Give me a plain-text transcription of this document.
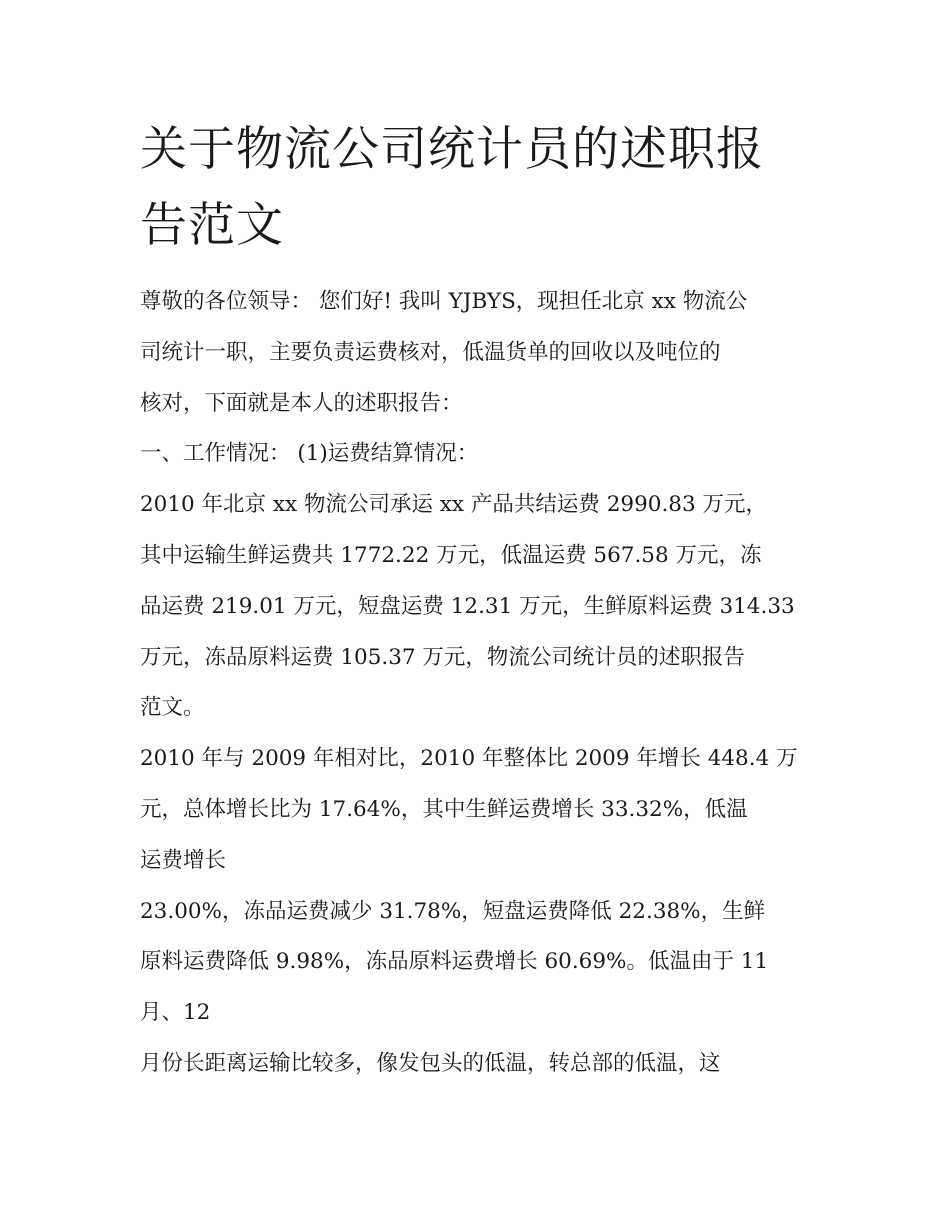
关于物流公司统计员的述职报
告范文

尊敬的各位领导： 您们好! 我叫 YJBYS，现担任北京 xx 物流公

司统计一职，主要负责运费核对，低温货单的回收以及吨位的

核对，下面就是本人的述职报告：

一、工作情况： (1)运费结算情况：

2010 年北京 xx 物流公司承运 xx 产品共结运费 2990.83 万元，

其中运输生鲜运费共 1772.22 万元，低温运费 567.58 万元，冻

品运费 219.01 万元，短盘运费 12.31 万元，生鲜原料运费 314.33

万元，冻品原料运费 105.37 万元，物流公司统计员的述职报告

范文。

2010 年与 2009 年相对比，2010 年整体比 2009 年增长 448.4 万

元，总体增长比为 17.64%，其中生鲜运费增长 33.32%，低温

运费增长

23.00%，冻品运费减少 31.78%，短盘运费降低 22.38%，生鲜

原料运费降低 9.98%，冻品原料运费增长 60.69%。低温由于 11

月、12

月份长距离运输比较多，像发包头的低温，转总部的低温，这
